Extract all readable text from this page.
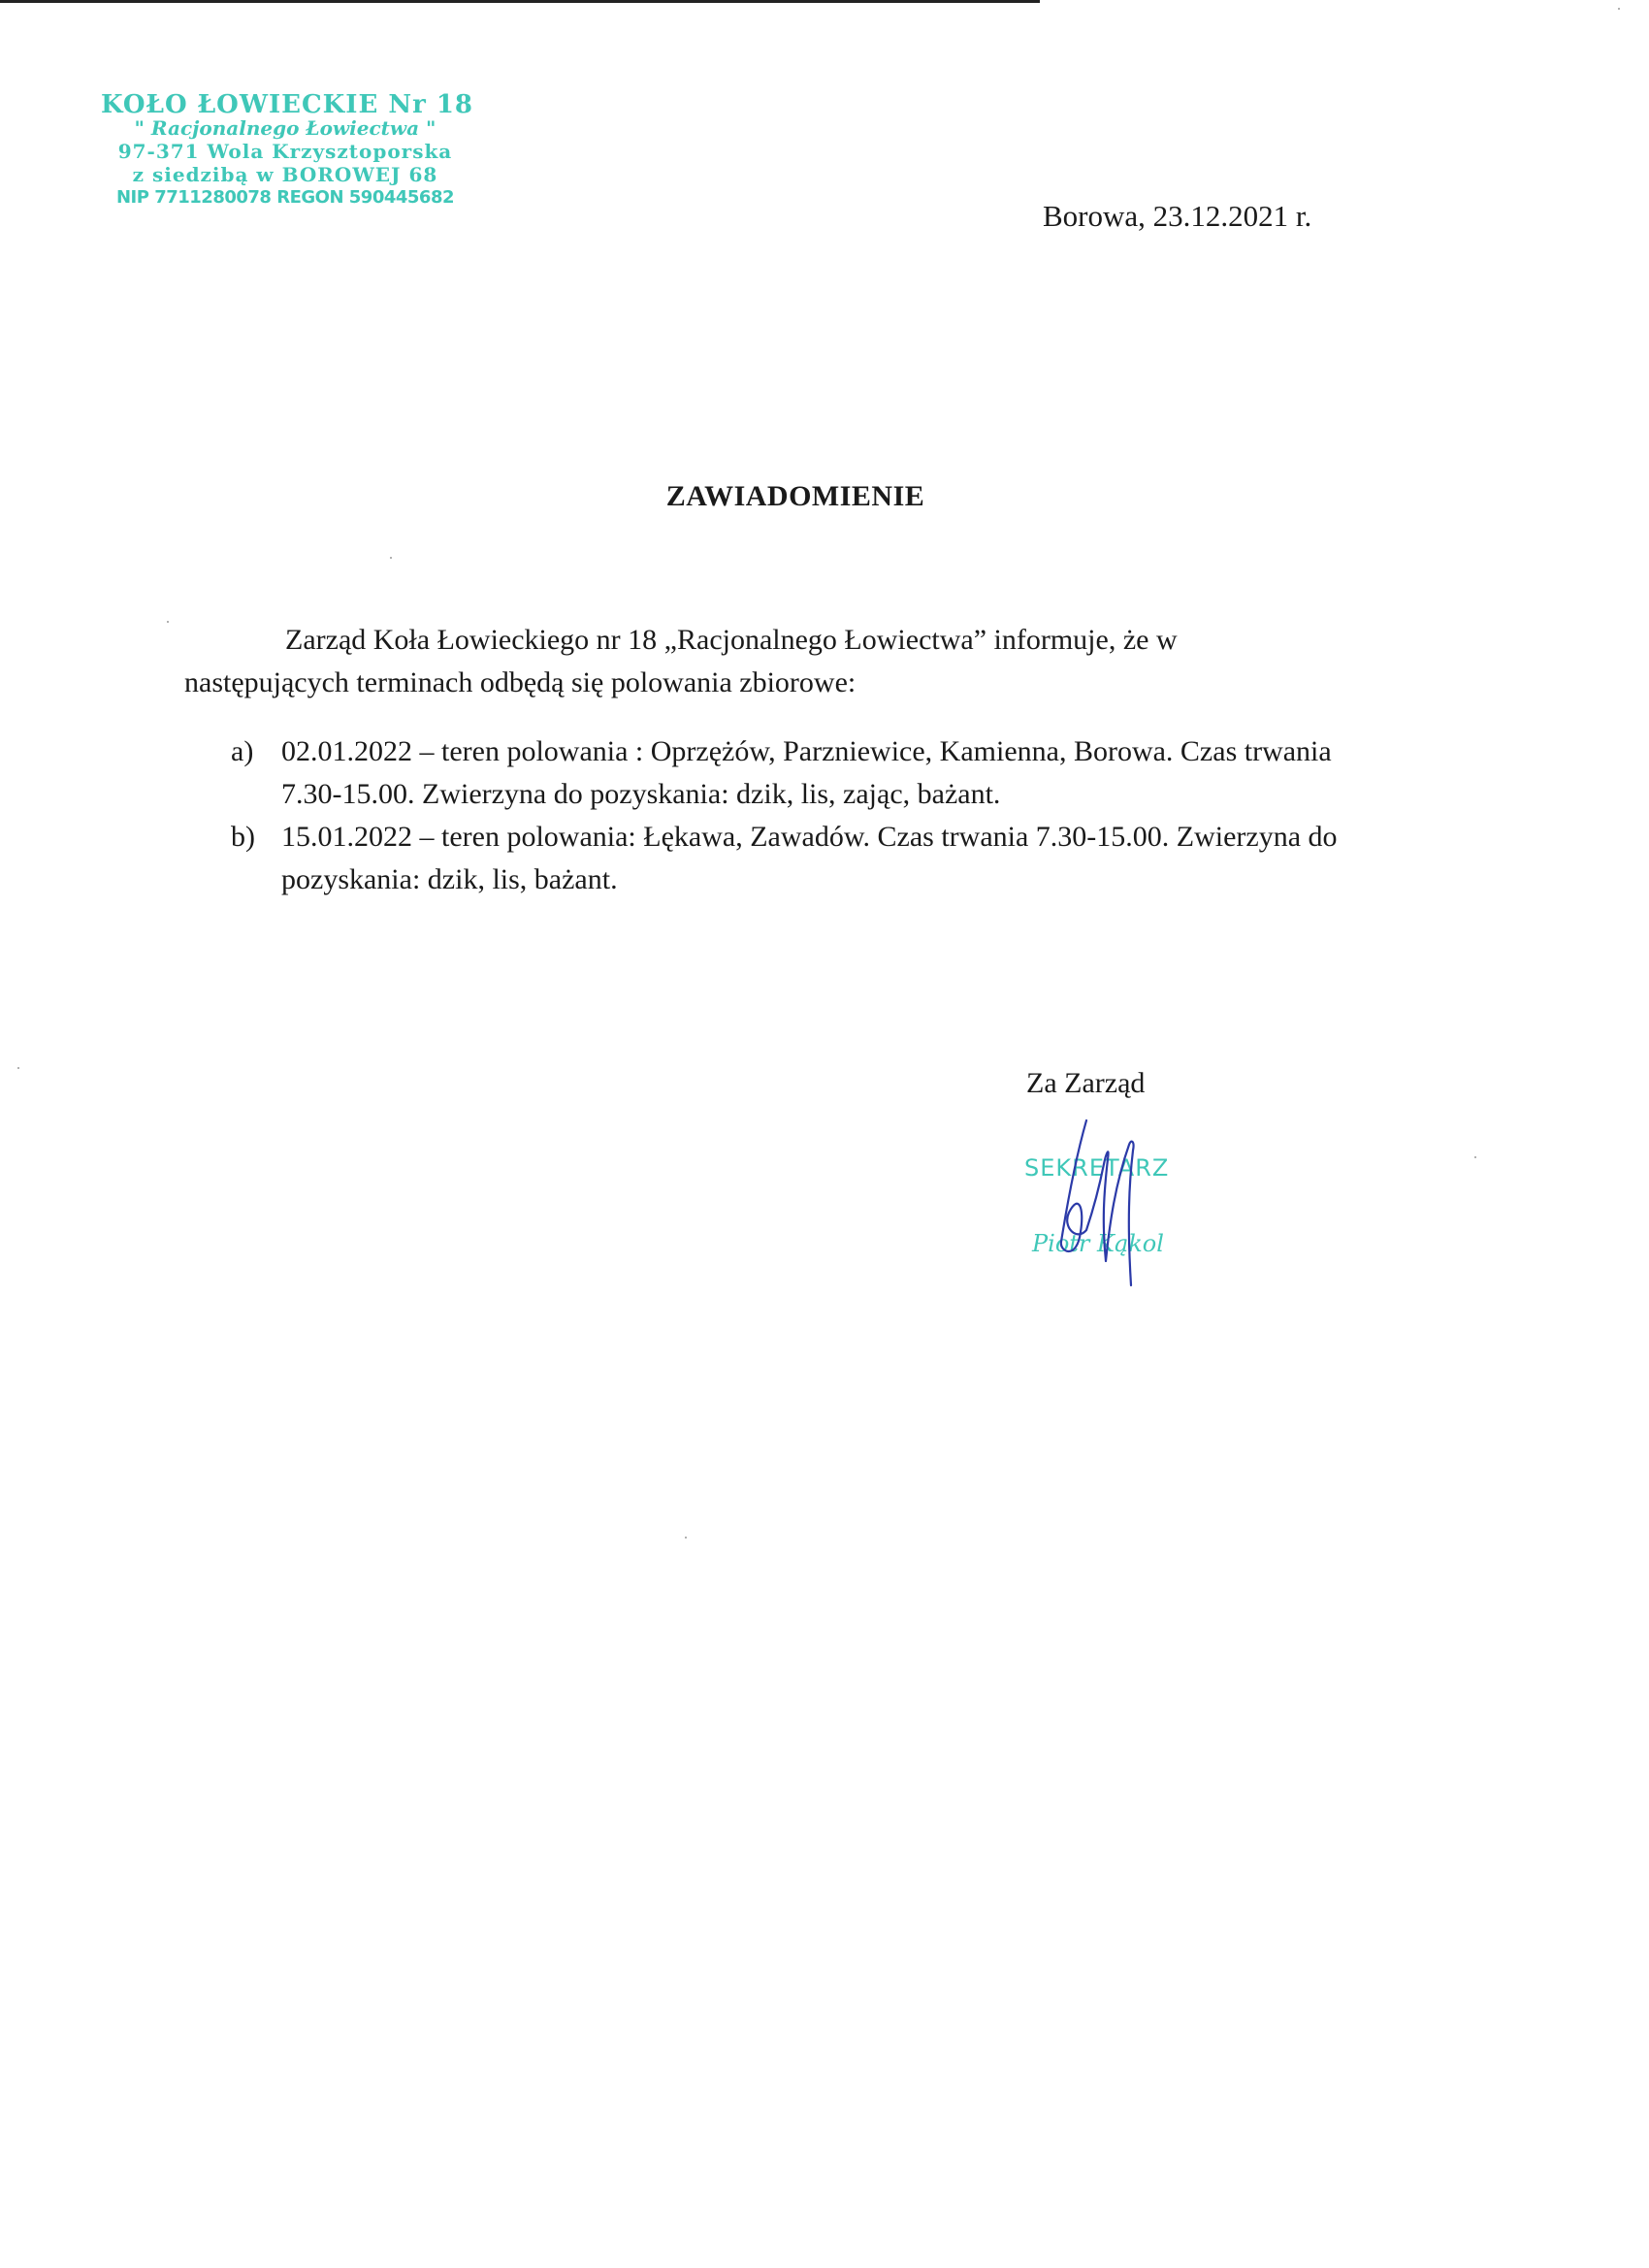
KOŁO ŁOWIECKIE Nr 18
" Racjonalnego Łowiectwa "
97-371 Wola Krzysztoporska
z siedzibą w BOROWEJ 68
NIP 7711280078 REGON 590445682
Borowa, 23.12.2021 r.
ZAWIADOMIENIE
Zarząd Koła Łowieckiego nr 18 „Racjonalnego Łowiectwa” informuje, że w następujących terminach odbędą się polowania zbiorowe:
a) 02.01.2022 – teren polowania : Oprzężów, Parzniewice, Kamienna, Borowa. Czas trwania 7.30-15.00. Zwierzyna do pozyskania: dzik, lis, zając, bażant.
b) 15.01.2022 – teren polowania: Łękawa, Zawadów. Czas trwania 7.30-15.00. Zwierzyna do pozyskania: dzik, lis, bażant.
Za Zarząd
SEKRETARZ
Piotr Kąkol
